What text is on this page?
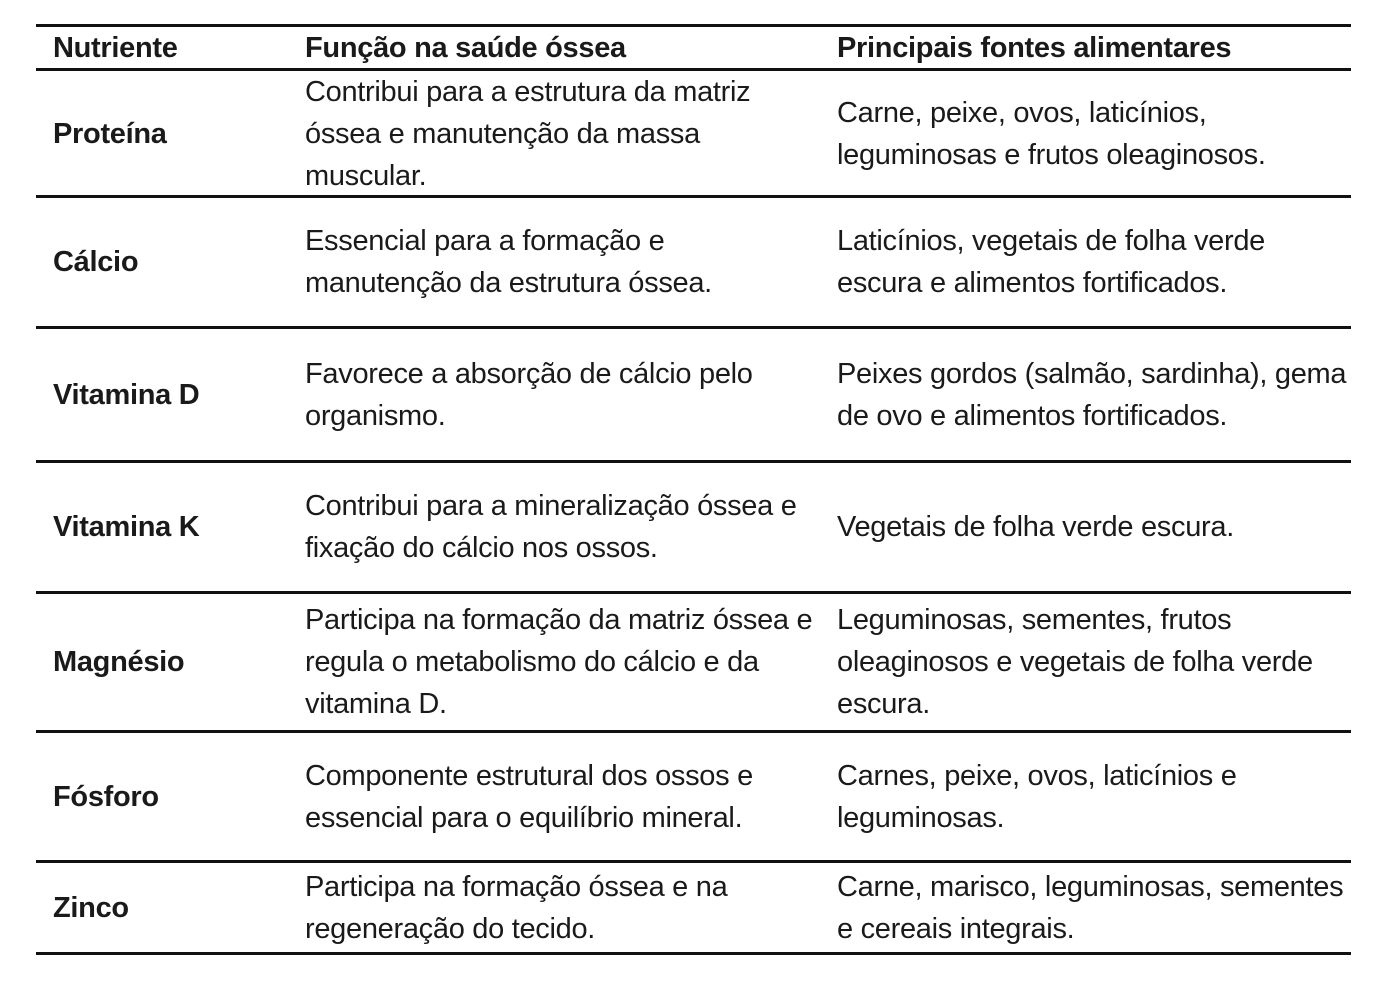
Nutriente	Função na saúde óssea	Principais fontes alimentares
Proteína
Contribui para a estrutura da matriz óssea e manutenção da massa muscular.
Carne, peixe, ovos, laticínios, leguminosas e frutos oleaginosos.
Cálcio
Essencial para a formação e manutenção da estrutura óssea.
Laticínios, vegetais de folha verde escura e alimentos fortificados.
Vitamina D
Favorece a absorção de cálcio pelo organismo.
Peixes gordos (salmão, sardinha), gema de ovo e alimentos fortificados.
Vitamina K
Contribui para a mineralização óssea e fixação do cálcio nos ossos.
Vegetais de folha verde escura.
Magnésio
Participa na formação da matriz óssea e regula o metabolismo do cálcio e da vitamina D.
Leguminosas, sementes, frutos oleaginosos e vegetais de folha verde escura.
Fósforo
Componente estrutural dos ossos e essencial para o equilíbrio mineral.
Carnes, peixe, ovos, laticínios e leguminosas.
Zinco
Participa na formação óssea e na regeneração do tecido.
Carne, marisco, leguminosas, sementes e cereais integrais.
